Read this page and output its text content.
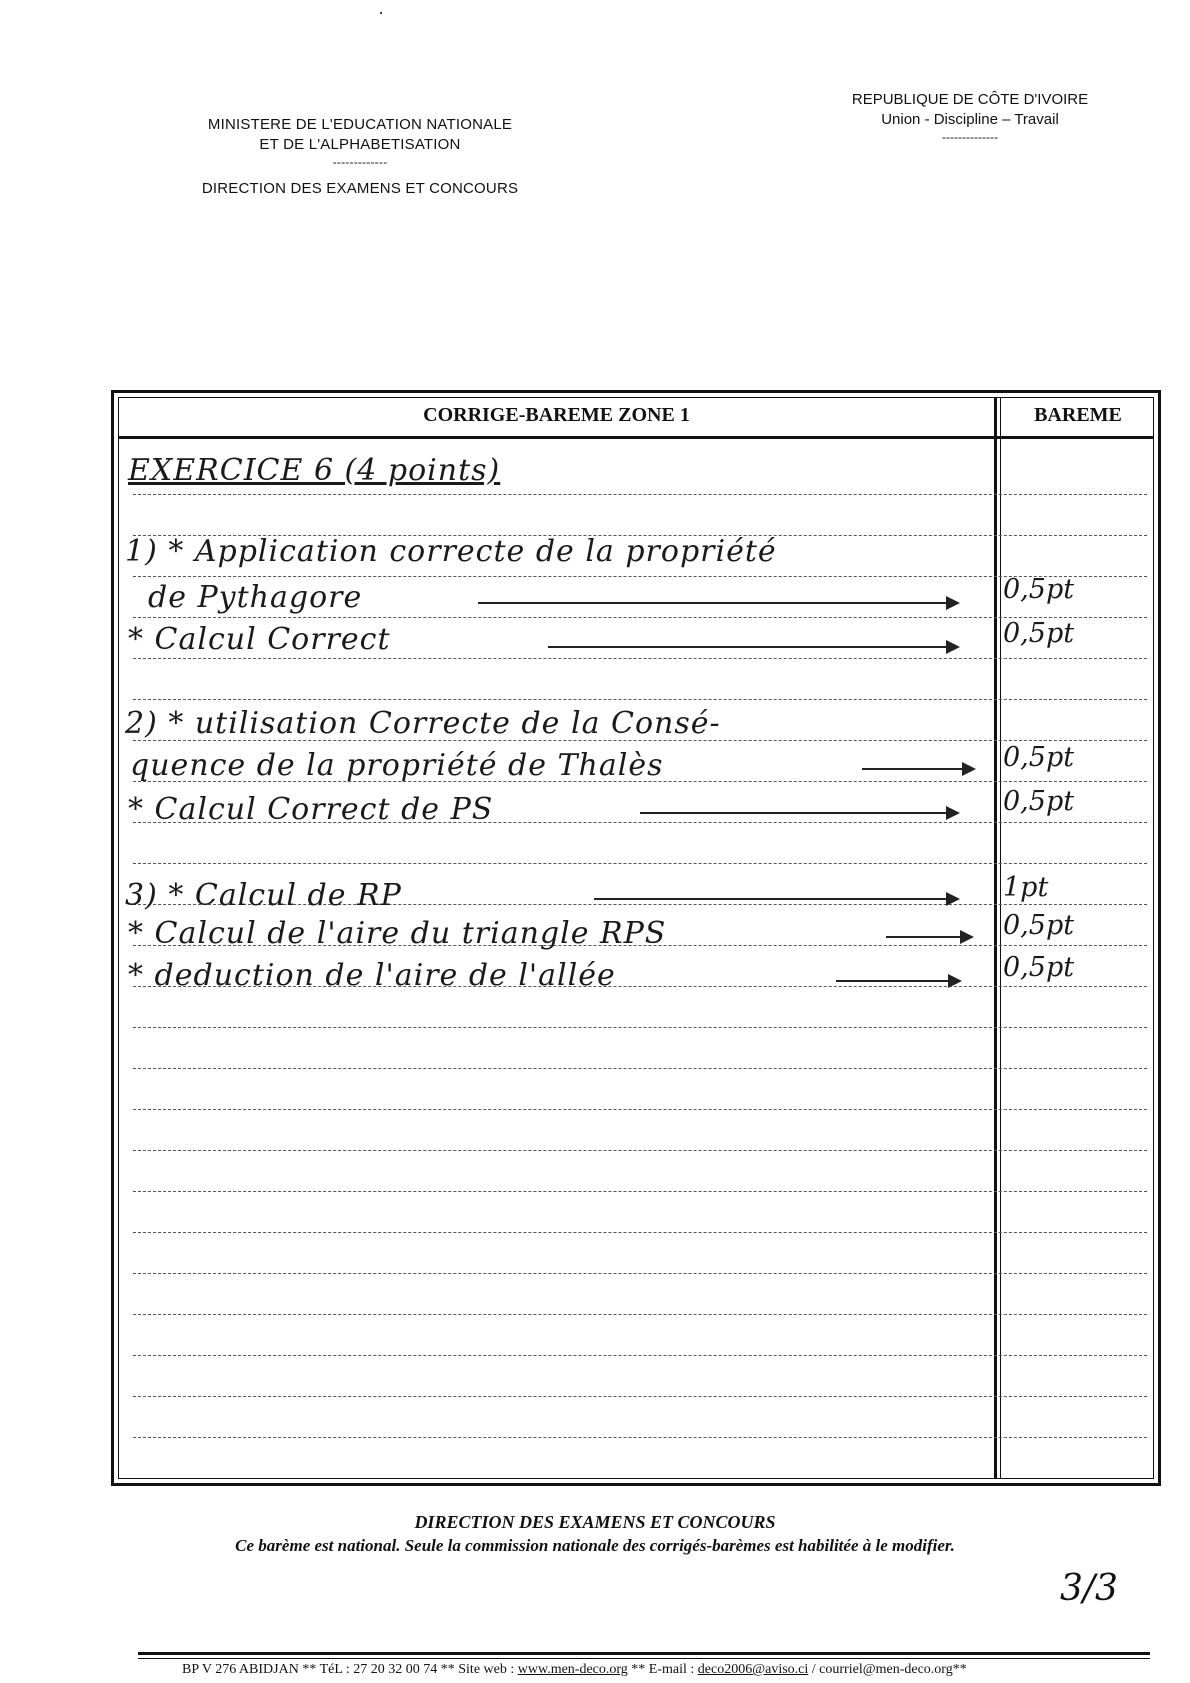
MINISTERE DE L'EDUCATION NATIONALE
ET DE L'ALPHABETISATION
-------------
DIRECTION DES EXAMENS ET CONCOURS
REPUBLIQUE DE CÔTE D'IVOIRE
Union - Discipline – Travail
--------------
CORRIGE-BAREME ZONE 1	BAREME
EXERCICE 6 (4 points)
1) * Application correcte de la propriété
de Pythagore	0,5pt
* Calcul Correct	0,5pt
2) * utilisation Correcte de la Consé-
quence de la propriété de Thalès	0,5pt
* Calcul Correct de PS	0,5pt
3) * Calcul de RP	1pt
* Calcul de l'aire du triangle RPS	0,5pt
* deduction de l'aire de l'allée	0,5pt
DIRECTION DES EXAMENS ET CONCOURS
Ce barème est national. Seule la commission nationale des corrigés-barèmes est habilitée à le modifier.
3/3
BP V 276 ABIDJAN ** TéL : 27 20 32 00 74 ** Site web : www.men-deco.org ** E-mail : deco2006@aviso.ci / courriel@men-deco.org**
